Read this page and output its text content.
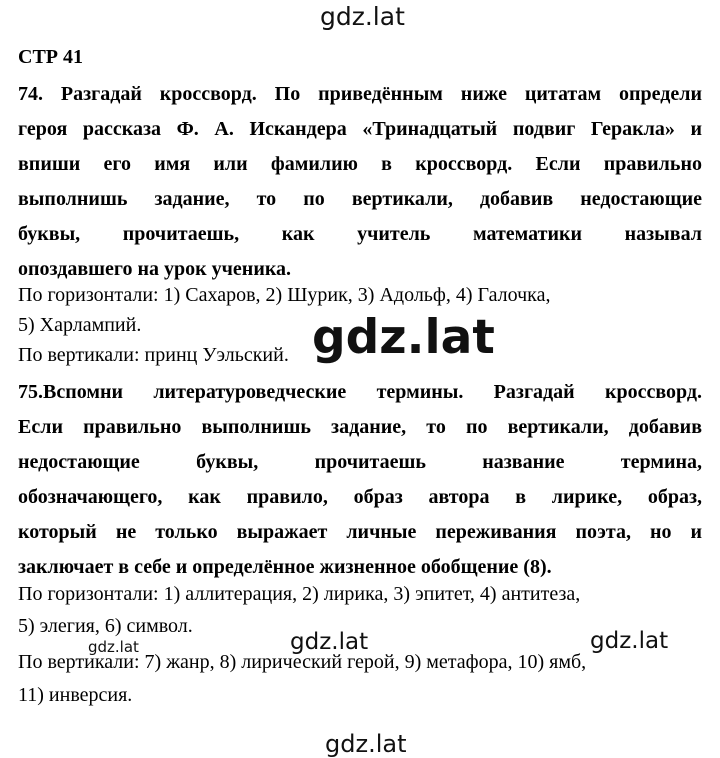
СТР 41
74. Разгадай кроссворд. По приведённым ниже цитатам определи
героя рассказа Ф. А. Искандера «Тринадцатый подвиг Геракла» и
впиши его имя или фамилию в кроссворд. Если правильно
выполнишь задание, то по вертикали, добавив недостающие
буквы, прочитаешь, как учитель математики называл
опоздавшего на урок ученика.
По горизонтали: 1) Сахаров, 2) Шурик, 3) Адольф, 4) Галочка,
5) Харлампий.
По вертикали: принц Уэльский.
75.Вспомни литературоведческие термины. Разгадай кроссворд.
Если правильно выполнишь задание, то по вертикали, добавив
недостающие буквы, прочитаешь название термина,
обозначающего, как правило, образ автора в лирике, образ,
который не только выражает личные переживания поэта, но и
заключает в себе и определённое жизненное обобщение (8).
По горизонтали: 1) аллитерация, 2) лирика, 3) эпитет, 4) антитеза,
5) элегия, 6) символ.
По вертикали: 7) жанр, 8) лирический герой, 9) метафора, 10) ямб,
11) инверсия.
gdz.lat
gdz.lat
gdz.lat	gdz.lat	gdz.lat
gdz.lat
